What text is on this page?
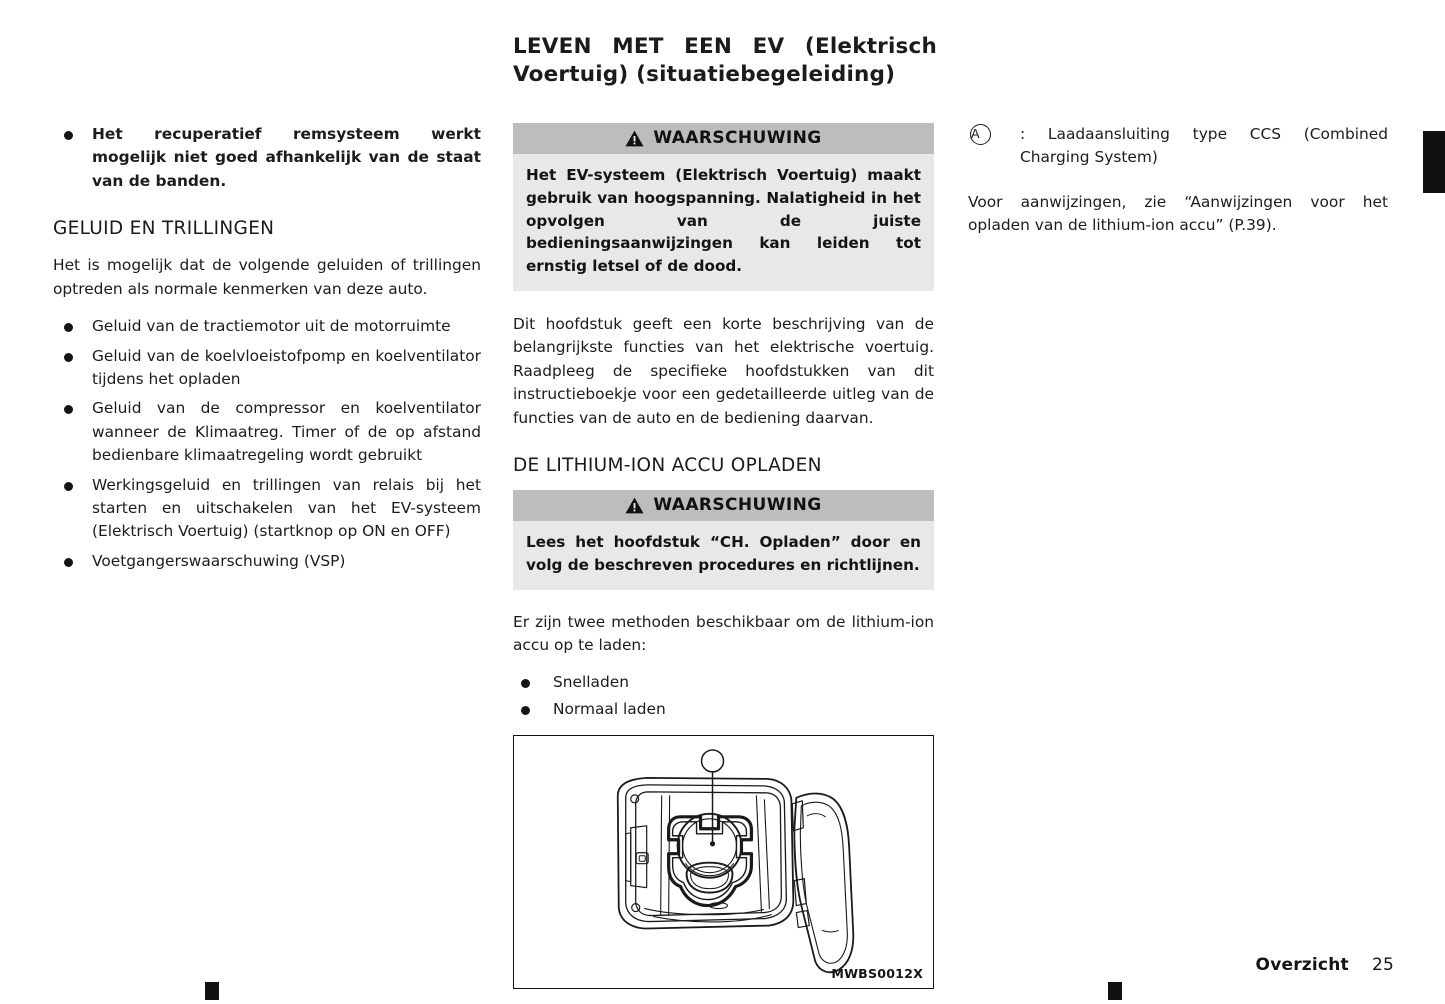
LEVEN MET EEN EV (Elektrisch
Voertuig) (situatiebegeleiding)
Het recuperatief remsysteem werkt mogelijk niet goed afhankelijk van de staat van de banden.
GELUID EN TRILLINGEN

Het is mogelijk dat de volgende geluiden of trillingen optreden als normale kenmerken van deze auto.

Geluid van de tractiemotor uit de motorruimte
Geluid van de koelvloeistofpomp en koelventilator tijdens het opladen
Geluid van de compressor en koelventilator wanneer de Klimaatreg. Timer of de op afstand bedienbare klimaatregeling wordt gebruikt
Werkingsgeluid en trillingen van relais bij het starten en uitschakelen van het EV-systeem (Elektrisch Voertuig) (startknop op ON en OFF)
Voetgangerswaarschuwing (VSP)
WAARSCHUWING
Het EV-systeem (Elektrisch Voertuig) maakt gebruik van hoogspanning. Nalatigheid in het opvolgen van de juiste bedieningsaanwijzingen kan leiden tot ernstig letsel of de dood.

Dit hoofdstuk geeft een korte beschrijving van de belangrijkste functies van het elektrische voertuig. Raadpleeg de specifieke hoofdstukken van dit instructieboekje voor een gedetailleerde uitleg van de functies van de auto en de bediening daarvan.

DE LITHIUM-ION ACCU OPLADEN
WAARSCHUWING
Lees het hoofdstuk “CH. Opladen” door en volg de beschreven procedures en richtlijnen.

Er zijn twee methoden beschikbaar om de lithium-ion accu op te laden:

Snelladen
Normaal laden
MWBS0012X
A	: Laadaansluiting type CCS (Combined Charging System)

Voor aanwijzingen, zie “Aanwijzingen voor het opladen van de lithium-ion accu” (P.39).

Overzicht 25
